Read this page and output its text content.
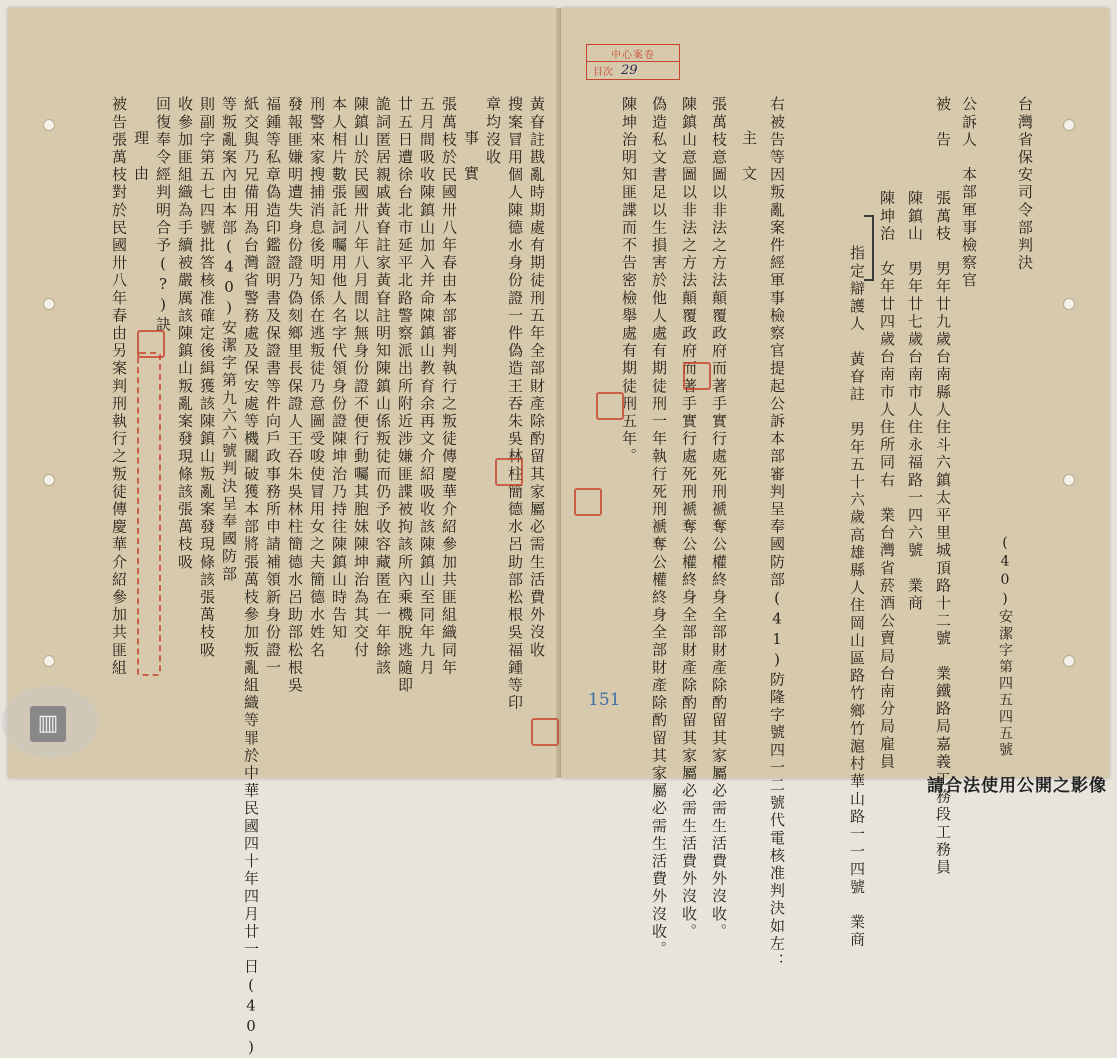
中心案卷
目次 29
台灣省保安司令部判決
(40)安潔字第四五四五號
公訴人　本部軍事檢察官
被　告
張萬枝　男年廿九歲台南縣人住斗六鎮太平里城頂路十二號　業鐵路局嘉義工務段工務員
陳鎮山　男年廿七歲台南市人住永福路一四六號　業商
陳坤治　女年廿四歲台南市人住所同右　業台灣省菸酒公賣局台南分局雇員
指定辯護人　黃眘註　男年五十六歲高雄縣人住岡山區路竹鄉竹滬村華山路一一四號　業商
右被告等因叛亂案件經軍事檢察官提起公訴本部審判呈奉國防部(41)防隆字號四一二號代電核准判決如左：
主　文
張萬枝意圖以非法之方法顛覆政府而著手實行處死刑褫奪公權終身全部財產除酌留其家屬必需生活費外沒收。
陳鎮山意圖以非法之方法顛覆政府而著手實行處死刑褫奪公權終身全部財產除酌留其家屬必需生活費外沒收。
偽造私文書足以生損害於他人處有期徒刑一年執行死刑褫奪公權終身全部財產除酌留其家屬必需生活費外沒收。
陳坤治明知匪諜而不告密檢舉處有期徒刑五年。
黃眘註戡亂時期處有期徒刑五年全部財產除酌留其家屬必需生活費外沒收
搜案冒用個人陳德水身份證一件偽造王吞朱吳林柱簡德水呂助部松根吳福鍾等印
章均沒收
事　實
張萬枝於民國卅八年春由本部審判執行之叛徒傳慶華介紹參加共匪組織同年
五月間吸收陳鎮山加入并命陳鎮山教育余再文介紹吸收該陳鎮山至同年九月
廿五日遭徐台北市延平北路警察派出所附近涉嫌匪諜被拘該所內乘機脫逃隨即
詭詞匿居親戚黃眘註家黃眘註明知陳鎮山係叛徒而仍予收容藏匿在一年餘該
陳鎮山於民國卅八年八月間以無身份證不便行動囑其胞妹陳坤治為其交付
本人相片數張託詞囑用他人名字代領身份證陳坤治乃持往陳鎮山時告知
刑警來家搜捕消息後明知係在逃叛徒乃意圖受唆使冒用女之夫簡德水姓名
發報匪嫌明遭失身份證乃偽刻鄉里長保證人王吞朱吳林柱簡德水呂助部松根吳
福鍾等私章偽造印鑑證明書及保證書等件向戶政事務所申請補領新身份證一
紙交與乃兄備用為台灣省警務處及保安處等機關破獲本部將張萬枝參加叛亂組織等罪於中華民國四十年四月廿一日(40)
等叛亂案內由本部(40)安潔字第九六六號判決呈奉國防部
則副字第五七四號批答核准確定後緝獲該陳鎮山叛亂案發現條該張萬枝吸
收參加匪組織為手續被嚴厲該陳鎮山叛亂案發現條該張萬枝吸
回復奉令經判明合予(?)訣
理　由
被告張萬枝對於民國卅八年春由另案判刑執行之叛徒傳慶華介紹參加共匪組
151
▥
請合法使用公開之影像
